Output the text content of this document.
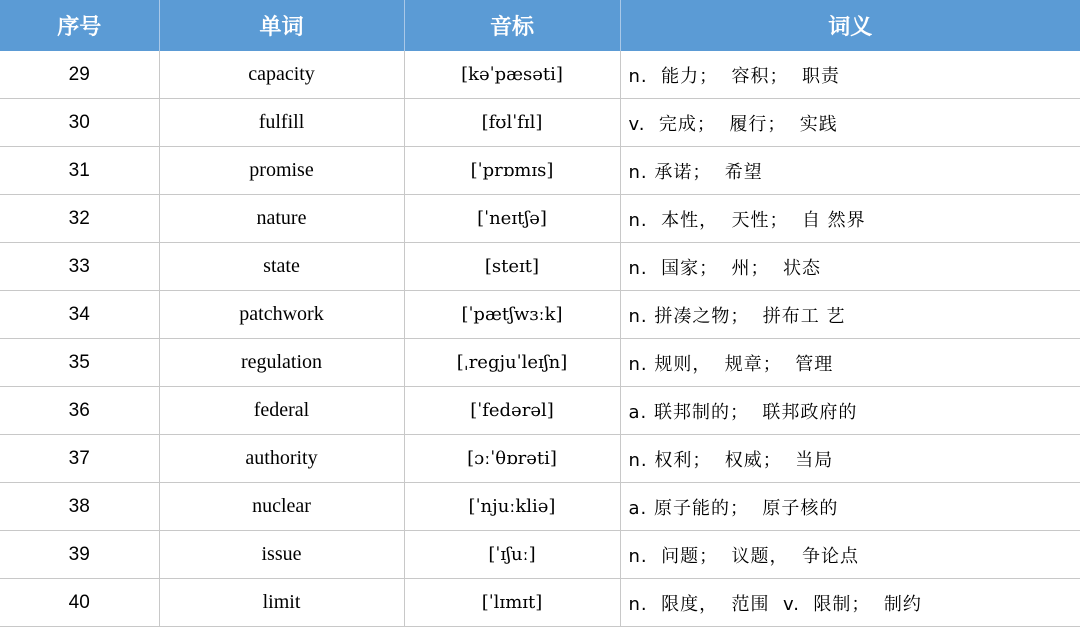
序号	单词	音标	词义
29	capacity	[kəˈpæsəti]	n.  能力；  容积；  职责
30	fulfill	[fʊlˈfɪl]	v.  完成；  履行；  实践
31	promise	[ˈprɒmɪs]	n. 承诺；  希望
32	nature	[ˈneɪtʃə]	n.  本性，  天性；  自 然界
33	state	[steɪt]	n.  国家；  州；  状态
34	patchwork	[ˈpætʃwɜːk]	n. 拼凑之物；  拼布工 艺
35	regulation	[ˌregjuˈleɪʃn]	n. 规则，  规章；  管理
36	federal	[ˈfedərəl]	a. 联邦制的；  联邦政府的
37	authority	[ɔːˈθɒrəti]	n. 权利；  权威；  当局
38	nuclear	[ˈnjuːkliə]	a. 原子能的；  原子核的
39	issue	[ˈɪʃuː]	n.  问题；  议题，  争论点
40	limit	[ˈlɪmɪt]	n.  限度，  范围  v.  限制；  制约
